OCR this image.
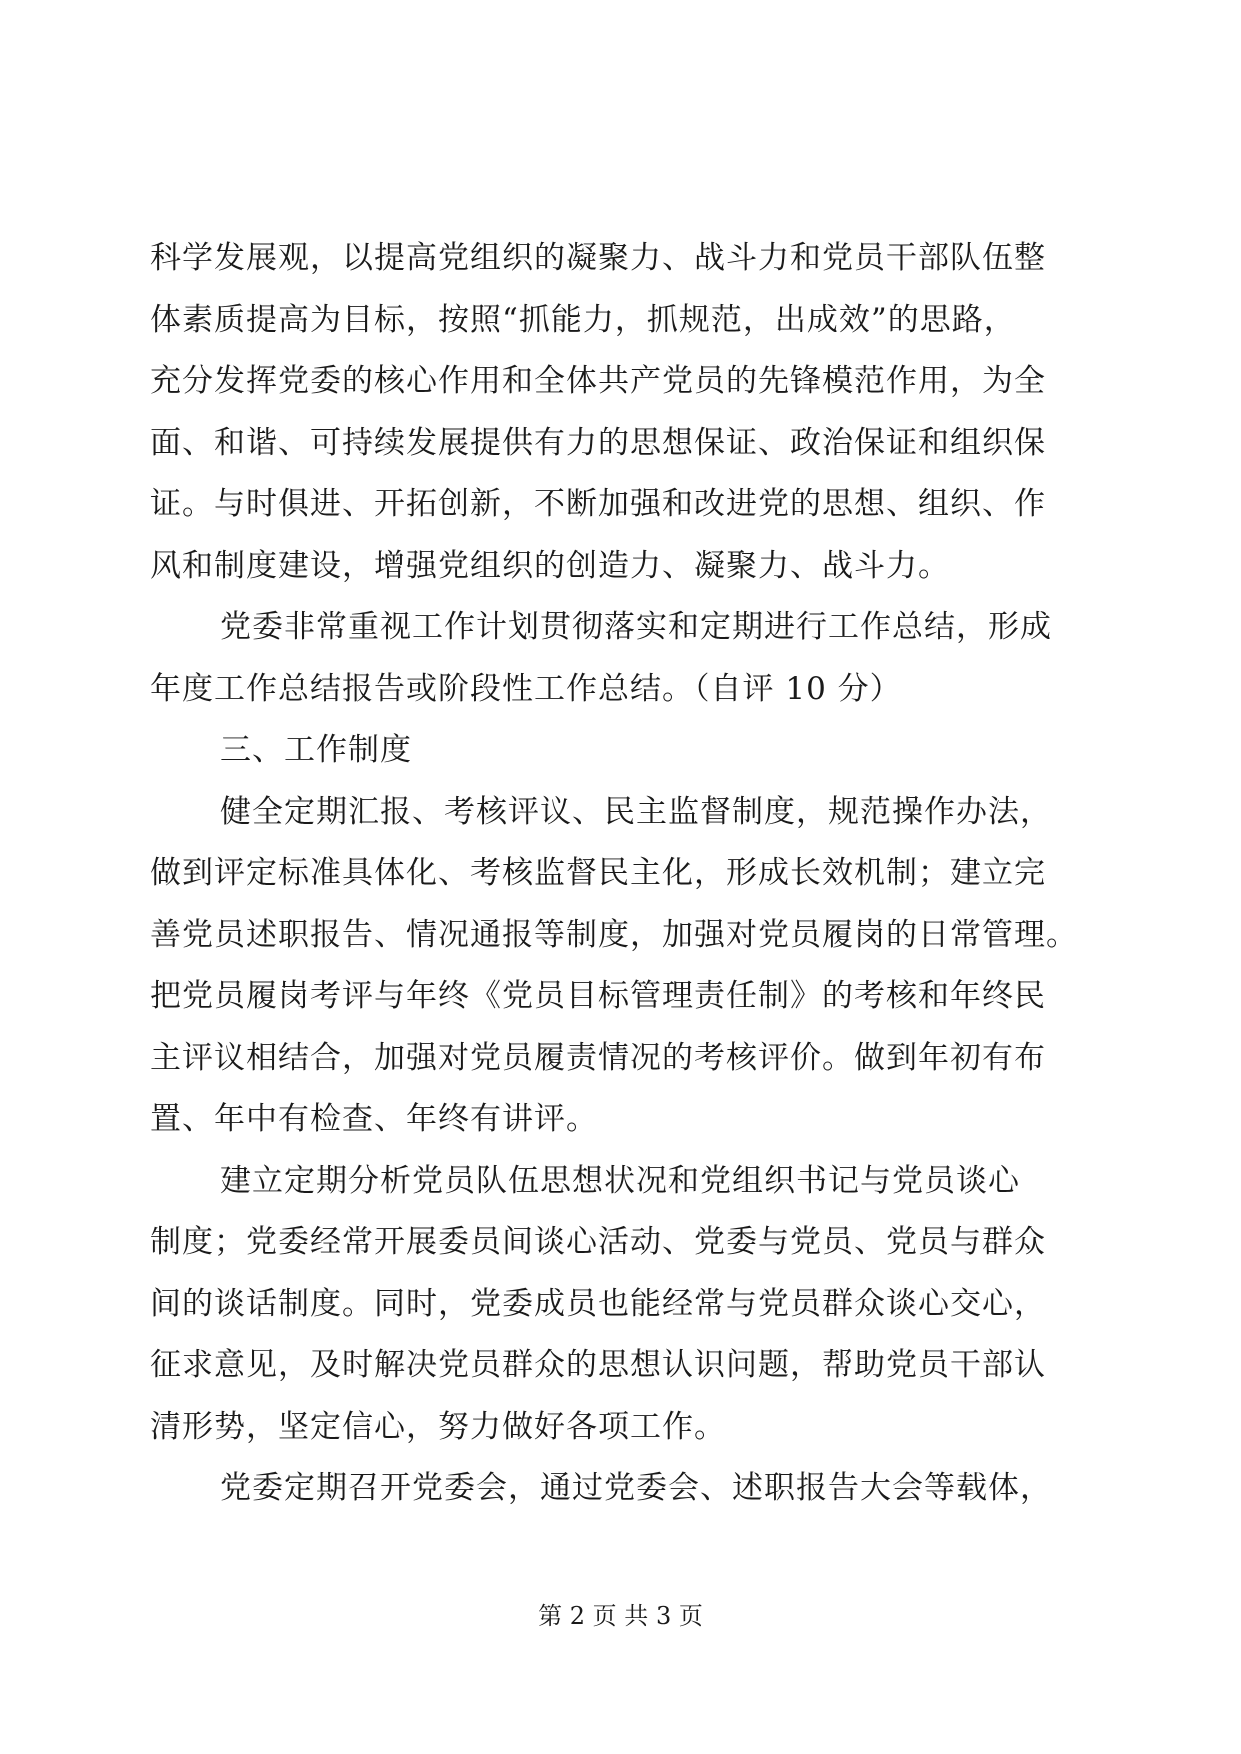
科学发展观，以提高党组织的凝聚力、战斗力和党员干部队伍整
体素质提高为目标，按照“抓能力，抓规范，出成效”的思路，
充分发挥党委的核心作用和全体共产党员的先锋模范作用，为全
面、和谐、可持续发展提供有力的思想保证、政治保证和组织保
证。与时俱进、开拓创新，不断加强和改进党的思想、组织、作
风和制度建设，增强党组织的创造力、凝聚力、战斗力。
党委非常重视工作计划贯彻落实和定期进行工作总结，形成
年度工作总结报告或阶段性工作总结。（自评 10 分）
三、工作制度
健全定期汇报、考核评议、民主监督制度，规范操作办法，
做到评定标准具体化、考核监督民主化，形成长效机制；建立完
善党员述职报告、情况通报等制度，加强对党员履岗的日常管理。
把党员履岗考评与年终《党员目标管理责任制》的考核和年终民
主评议相结合，加强对党员履责情况的考核评价。做到年初有布
置、年中有检查、年终有讲评。
建立定期分析党员队伍思想状况和党组织书记与党员谈心
制度；党委经常开展委员间谈心活动、党委与党员、党员与群众
间的谈话制度。同时，党委成员也能经常与党员群众谈心交心，
征求意见，及时解决党员群众的思想认识问题，帮助党员干部认
清形势，坚定信心，努力做好各项工作。
党委定期召开党委会，通过党委会、述职报告大会等载体，
第 2 页 共 3 页
